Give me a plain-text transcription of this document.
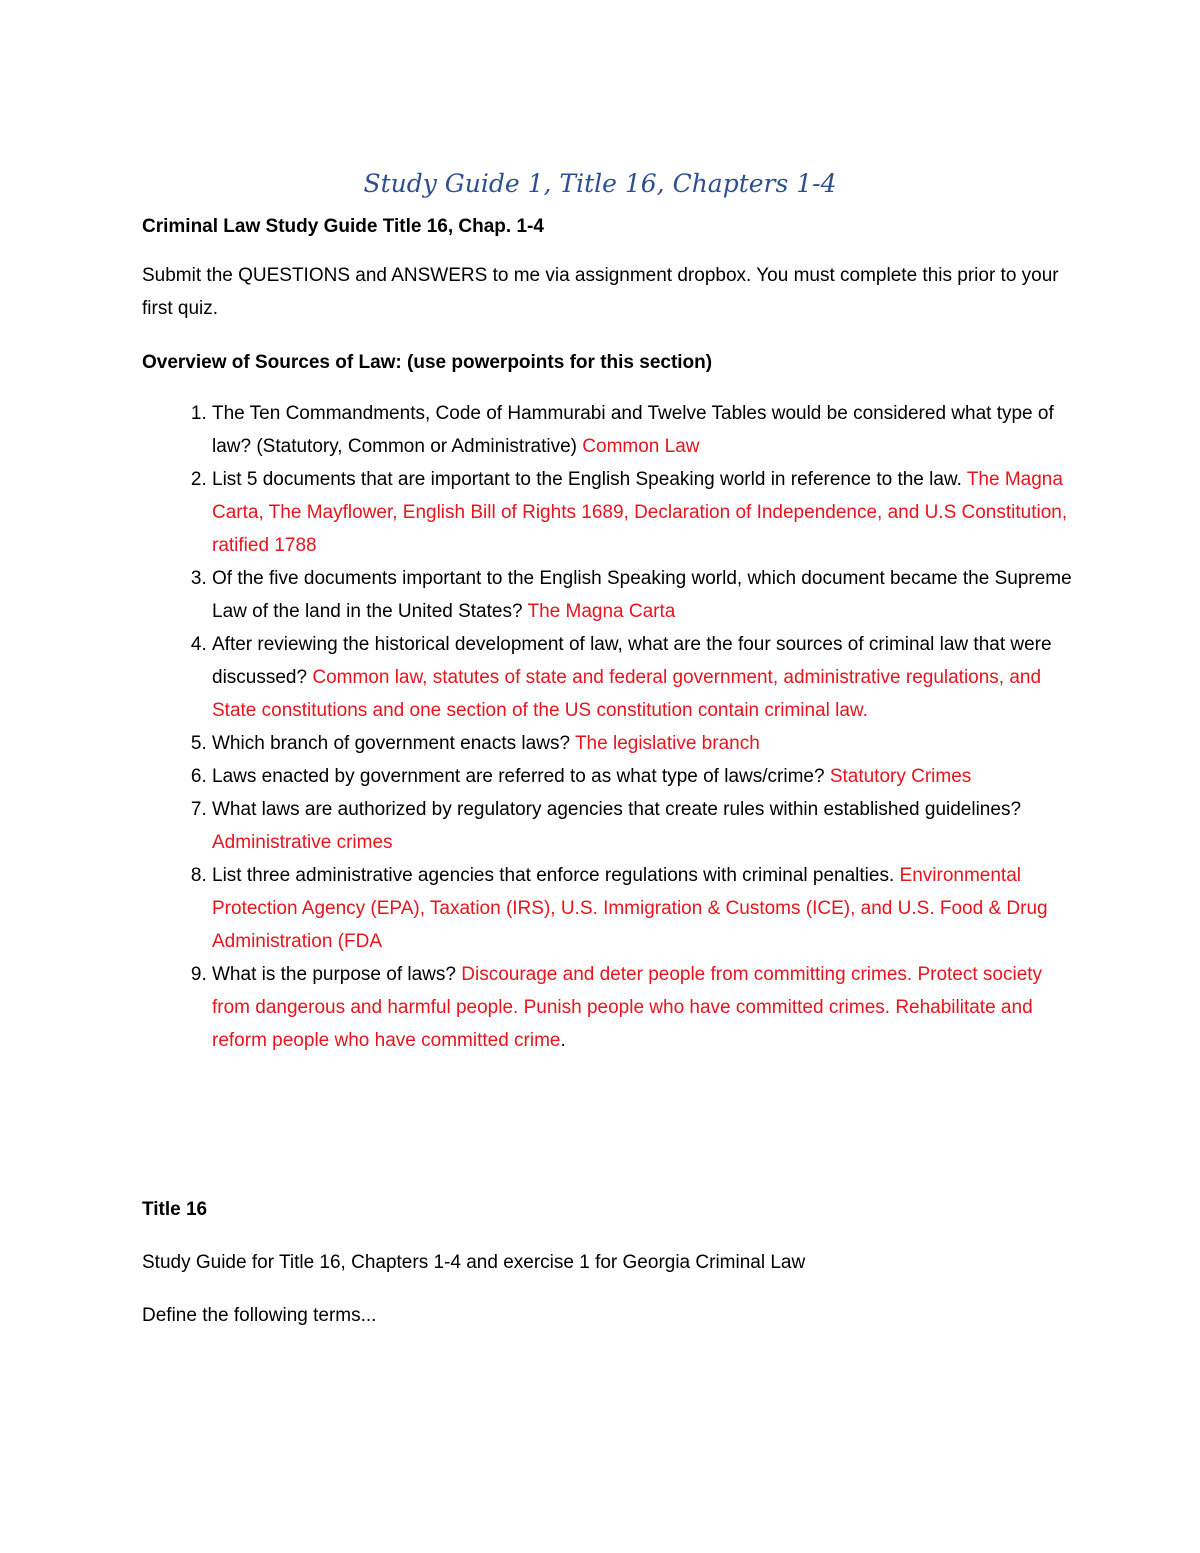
Study Guide 1, Title 16, Chapters 1-4
Criminal Law Study Guide Title 16, Chap. 1-4
Submit the QUESTIONS and ANSWERS to me via assignment dropbox. You must complete this prior to your first quiz.
Overview of Sources of Law: (use powerpoints for this section)
1. The Ten Commandments, Code of Hammurabi and Twelve Tables would be considered what type of law? (Statutory, Common or Administrative) Common Law
2. List 5 documents that are important to the English Speaking world in reference to the law. The Magna Carta, The Mayflower, English Bill of Rights 1689, Declaration of Independence, and U.S Constitution, ratified 1788
3. Of the five documents important to the English Speaking world, which document became the Supreme Law of the land in the United States? The Magna Carta
4. After reviewing the historical development of law, what are the four sources of criminal law that were discussed? Common law, statutes of state and federal government, administrative regulations, and State constitutions and one section of the US constitution contain criminal law.
5. Which branch of government enacts laws? The legislative branch
6. Laws enacted by government are referred to as what type of laws/crime? Statutory Crimes
7. What laws are authorized by regulatory agencies that create rules within established guidelines? Administrative crimes
8. List three administrative agencies that enforce regulations with criminal penalties. Environmental Protection Agency (EPA), Taxation (IRS), U.S. Immigration & Customs (ICE), and U.S. Food & Drug Administration (FDA
9. What is the purpose of laws? Discourage and deter people from committing crimes. Protect society from dangerous and harmful people. Punish people who have committed crimes. Rehabilitate and reform people who have committed crime.
Title 16
Study Guide for Title 16, Chapters 1-4 and exercise 1 for Georgia Criminal Law
Define the following terms...
